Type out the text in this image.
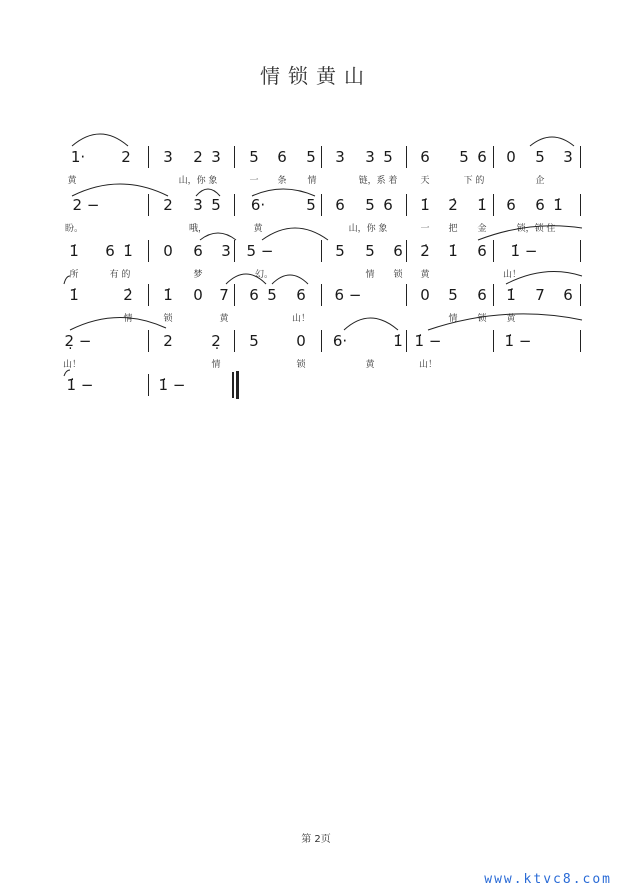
情锁黄山
1· 2 3 2 3 5 6 5 3 3 5 6 5 6 0 5 3
黄	山，你 象	一 条 情	链，系 着	天	下 的	企
2 −	2 3 5 6·	5 6 5 6 1̇ 2̇ 1̇ 6 6 1̇
盼。	哦，	黄	山，你 象	一 把 金	锁，锁 住
1̇ 6 1̇ 0 6 3 5 −	5 5 6 2̇ 1̇ 6 1̇ −
所	有 的	梦	幻。	情 锁 黄	山！
1̇	2̇ 1̇ 0 7 6 5 6 6 −	0 5 6 1̇ 7 6
情	锁	黄	山！	情 锁 黄
2̣ −	2	2̣ 5 0 6·	1̇ 1̇ −	1̇ −
山！	情	锁	黄	山！
1̇ −	1̇ −
第 2页
www.ktvc8.com
